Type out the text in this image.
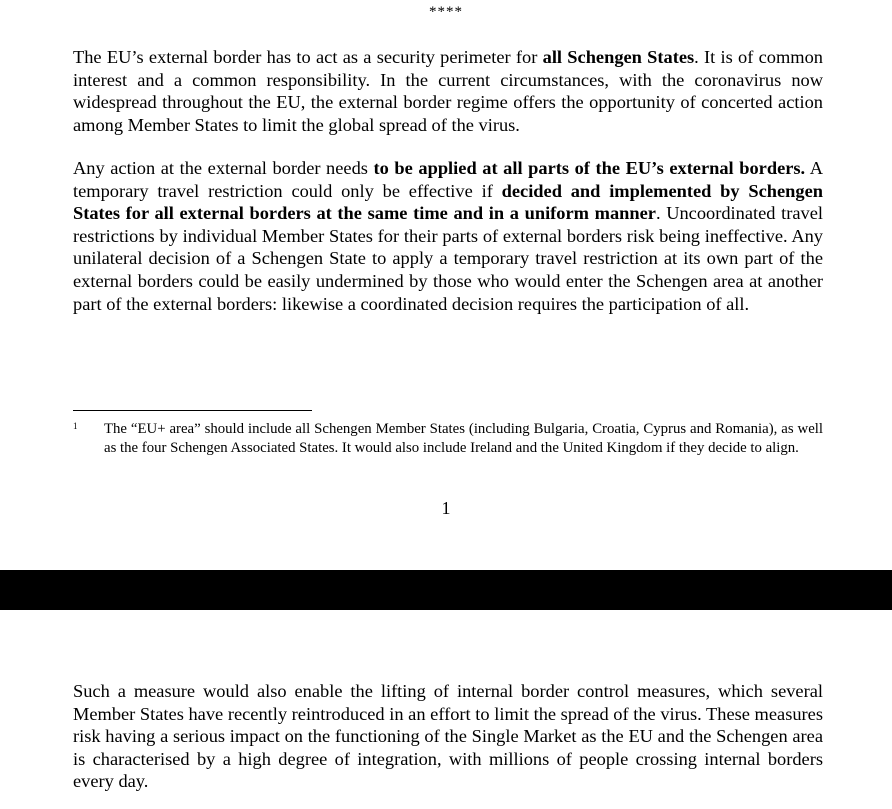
****

The EU’s external border has to act as a security perimeter for all Schengen States. It is of common interest and a common responsibility. In the current circumstances, with the coronavirus now widespread throughout the EU, the external border regime offers the opportunity of concerted action among Member States to limit the global spread of the virus.

Any action at the external border needs to be applied at all parts of the EU’s external borders. A temporary travel restriction could only be effective if decided and implemented by Schengen States for all external borders at the same time and in a uniform manner. Uncoordinated travel restrictions by individual Member States for their parts of external borders risk being ineffective. Any unilateral decision of a Schengen State to apply a temporary travel restriction at its own part of the external borders could be easily undermined by those who would enter the Schengen area at another part of the external borders: likewise a coordinated decision requires the participation of all.

1 The “EU+ area” should include all Schengen Member States (including Bulgaria, Croatia, Cyprus and Romania), as well as the four Schengen Associated States. It would also include Ireland and the United Kingdom if they decide to align.
1

Such a measure would also enable the lifting of internal border control measures, which several Member States have recently reintroduced in an effort to limit the spread of the virus. These measures risk having a serious impact on the functioning of the Single Market as the EU and the Schengen area is characterised by a high degree of integration, with millions of people crossing internal borders every day.
